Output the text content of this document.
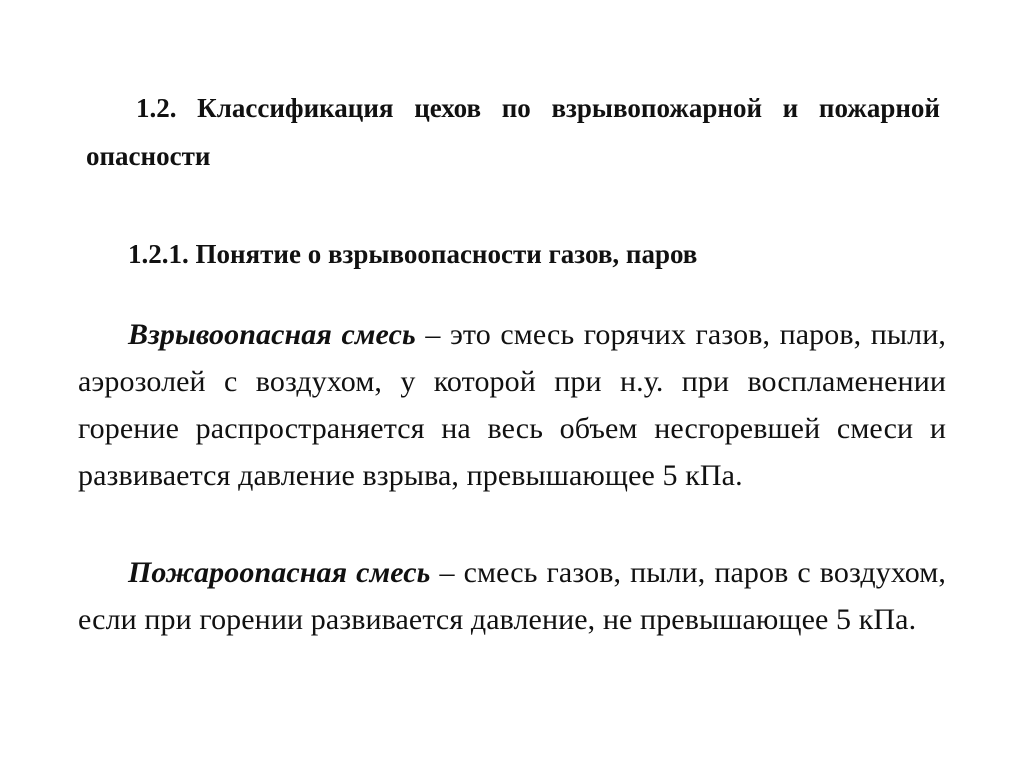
1.2. Классификация цехов по взрывопожарной и пожарной опасности
1.2.1. Понятие о взрывоопасности газов, паров

Взрывоопасная смесь – это смесь горячих газов, паров, пыли, аэрозолей с воздухом, у которой при н.у. при воспламенении горение распространяется на весь объем несгоревшей смеси и развивается давление взрыва, превышающее 5 кПа.

Пожароопасная смесь – смесь газов, пыли, паров с воздухом, если при горении развивается давление, не превышающее 5 кПа.
